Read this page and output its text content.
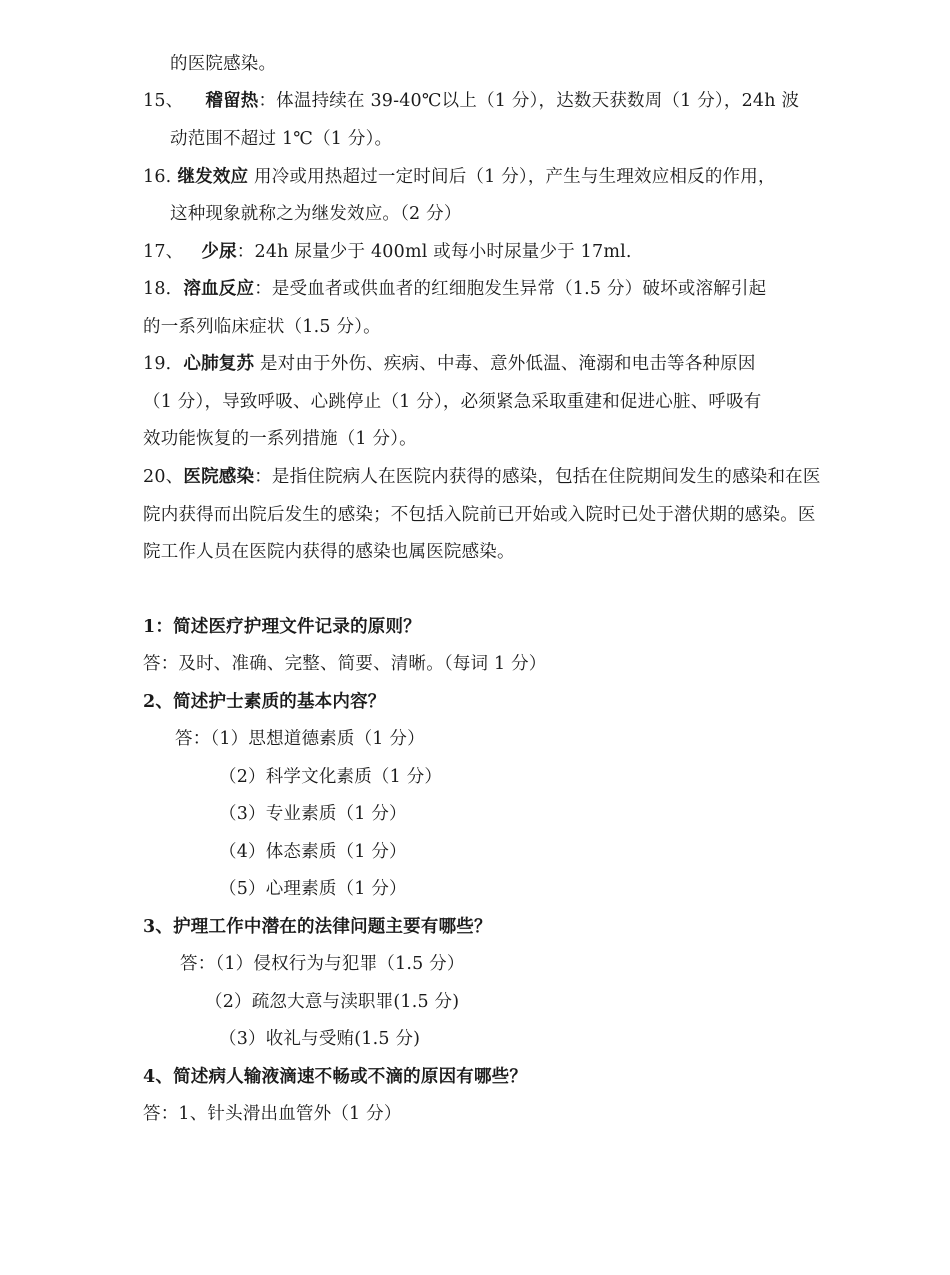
的医院感染。
15、 稽留热：体温持续在 39-40℃以上（1 分），达数天获数周（1 分），24h 波
动范围不超过 1℃（1 分）。
16. 继发效应 用冷或用热超过一定时间后（1 分），产生与生理效应相反的作用，
这种现象就称之为继发效应。（2 分）
17、 少尿：24h 尿量少于 400ml 或每小时尿量少于 17ml.
18．溶血反应：是受血者或供血者的红细胞发生异常（1.5 分）破坏或溶解引起
的一系列临床症状（1.5 分）。
19．心肺复苏 是对由于外伤、疾病、中毒、意外低温、淹溺和电击等各种原因
（1 分），导致呼吸、心跳停止（1 分），必须紧急采取重建和促进心脏、呼吸有
效功能恢复的一系列措施（1 分）。
20、医院感染：是指住院病人在医院内获得的感染，包括在住院期间发生的感染和在医
院内获得而出院后发生的感染；不包括入院前已开始或入院时已处于潜伏期的感染。医
院工作人员在医院内获得的感染也属医院感染。
1：简述医疗护理文件记录的原则？
答：及时、准确、完整、简要、清晰。（每词 1 分）
2、简述护士素质的基本内容？
答：（1）思想道德素质（1 分）
（2）科学文化素质（1 分）
（3）专业素质（1 分）
（4）体态素质（1 分）
（5）心理素质（1 分）
3、护理工作中潜在的法律问题主要有哪些？
答：（1）侵权行为与犯罪（1.5 分）
（2）疏忽大意与渎职罪(1.5 分)
（3）收礼与受贿(1.5 分)
4、简述病人输液滴速不畅或不滴的原因有哪些？
答：1、针头滑出血管外（1 分）
